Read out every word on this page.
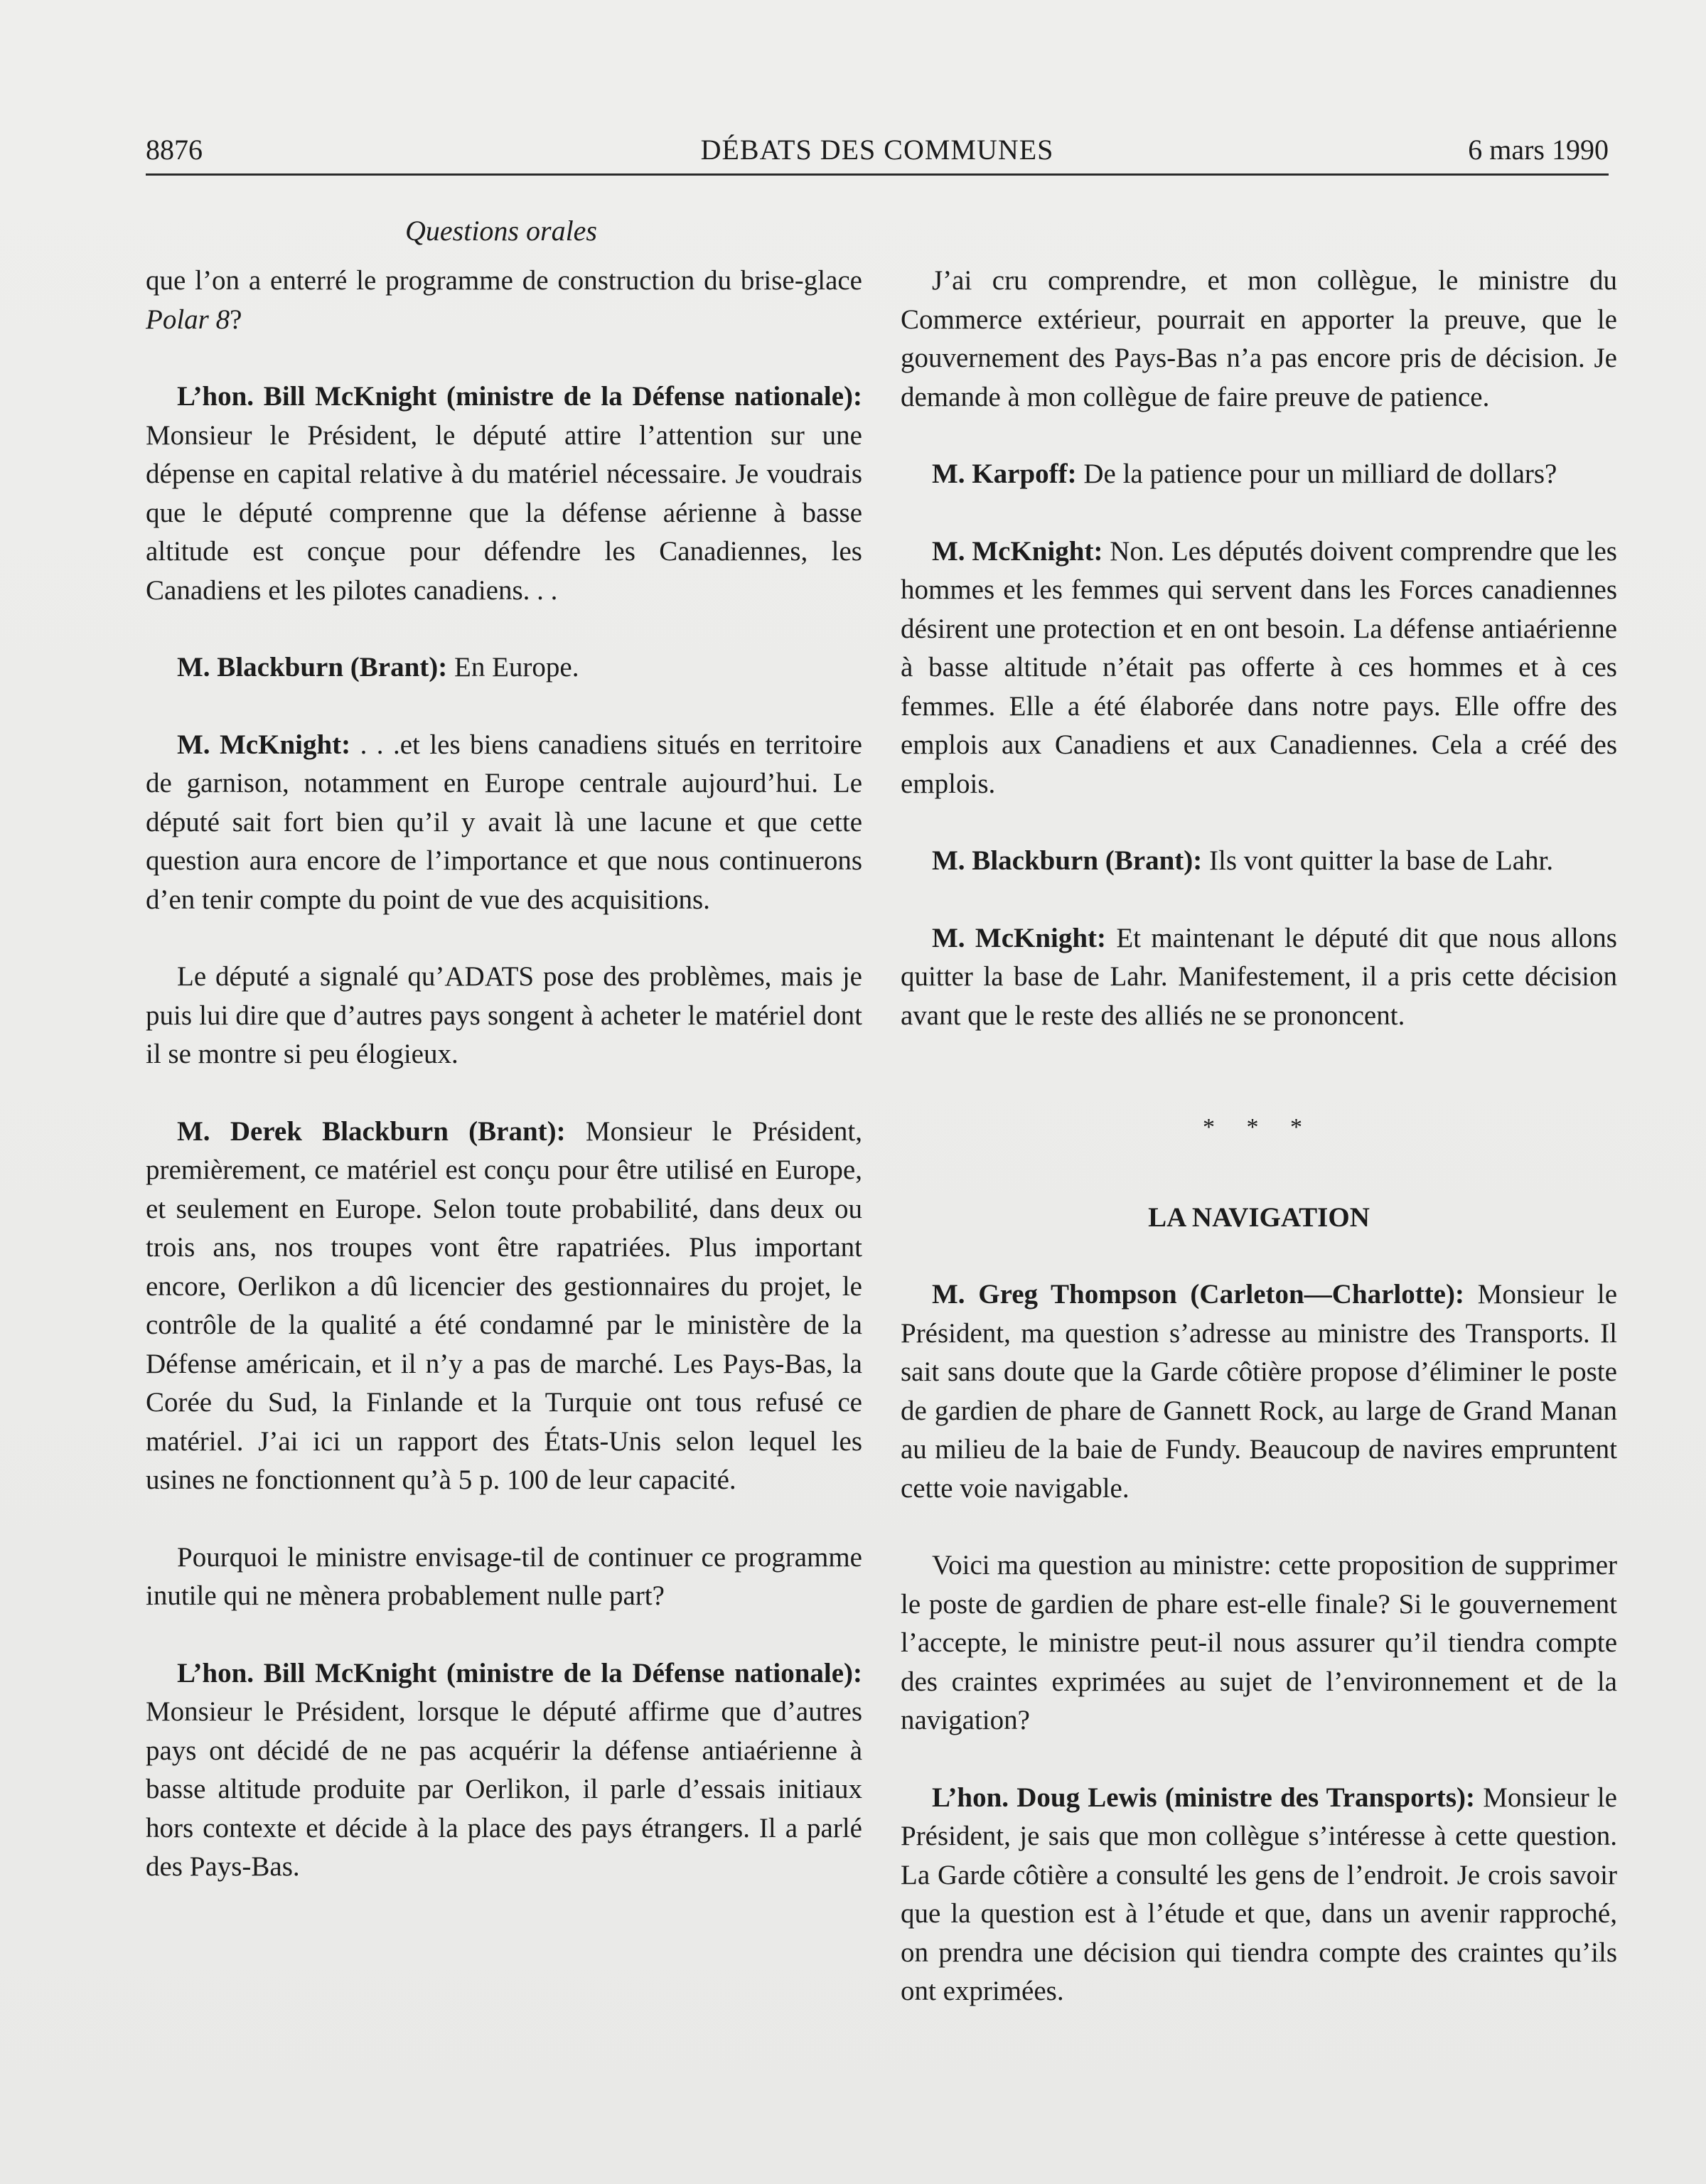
8876	DÉBATS DES COMMUNES	6 mars 1990
Questions orales

que l’on a enterré le programme de construction du brise-glace Polar 8?

L’hon. Bill McKnight (ministre de la Défense nationale): Monsieur le Président, le député attire l’attention sur une dépense en capital relative à du matériel nécessaire. Je voudrais que le député comprenne que la défense aérienne à basse altitude est conçue pour défendre les Canadiennes, les Canadiens et les pilotes canadiens. . .

M. Blackburn (Brant): En Europe.

M. McKnight: . . .et les biens canadiens situés en territoire de garnison, notamment en Europe centrale aujourd’hui. Le député sait fort bien qu’il y avait là une lacune et que cette question aura encore de l’importance et que nous continuerons d’en tenir compte du point de vue des acquisitions.

Le député a signalé qu’ADATS pose des problèmes, mais je puis lui dire que d’autres pays songent à acheter le matériel dont il se montre si peu élogieux.

M. Derek Blackburn (Brant): Monsieur le Président, premièrement, ce matériel est conçu pour être utilisé en Europe, et seulement en Europe. Selon toute probabilité, dans deux ou trois ans, nos troupes vont être rapatriées. Plus important encore, Oerlikon a dû licencier des gestionnaires du projet, le contrôle de la qualité a été condamné par le ministère de la Défense américain, et il n’y a pas de marché. Les Pays-Bas, la Corée du Sud, la Finlande et la Turquie ont tous refusé ce matériel. J’ai ici un rapport des États-Unis selon lequel les usines ne fonctionnent qu’à 5 p. 100 de leur capacité.

Pourquoi le ministre envisage-til de continuer ce programme inutile qui ne mènera probablement nulle part?

L’hon. Bill McKnight (ministre de la Défense nationale): Monsieur le Président, lorsque le député affirme que d’autres pays ont décidé de ne pas acquérir la défense antiaérienne à basse altitude produite par Oerlikon, il parle d’essais initiaux hors contexte et décide à la place des pays étrangers. Il a parlé des Pays-Bas.

J’ai cru comprendre, et mon collègue, le ministre du Commerce extérieur, pourrait en apporter la preuve, que le gouvernement des Pays-Bas n’a pas encore pris de décision. Je demande à mon collègue de faire preuve de patience.

M. Karpoff: De la patience pour un milliard de dollars?

M. McKnight: Non. Les députés doivent comprendre que les hommes et les femmes qui servent dans les Forces canadiennes désirent une protection et en ont besoin. La défense antiaérienne à basse altitude n’était pas offerte à ces hommes et à ces femmes. Elle a été élaborée dans notre pays. Elle offre des emplois aux Canadiens et aux Canadiennes. Cela a créé des emplois.

M. Blackburn (Brant): Ils vont quitter la base de Lahr.

M. McKnight: Et maintenant le député dit que nous allons quitter la base de Lahr. Manifestement, il a pris cette décision avant que le reste des alliés ne se prononcent.

* * *
LA NAVIGATION

M. Greg Thompson (Carleton—Charlotte): Monsieur le Président, ma question s’adresse au ministre des Transports. Il sait sans doute que la Garde côtière propose d’éliminer le poste de gardien de phare de Gannett Rock, au large de Grand Manan au milieu de la baie de Fundy. Beaucoup de navires empruntent cette voie navigable.

Voici ma question au ministre: cette proposition de supprimer le poste de gardien de phare est-elle finale? Si le gouvernement l’accepte, le ministre peut-il nous assurer qu’il tiendra compte des craintes exprimées au sujet de l’environnement et de la navigation?

L’hon. Doug Lewis (ministre des Transports): Monsieur le Président, je sais que mon collègue s’intéresse à cette question. La Garde côtière a consulté les gens de l’endroit. Je crois savoir que la question est à l’étude et que, dans un avenir rapproché, on prendra une décision qui tiendra compte des craintes qu’ils ont exprimées.
